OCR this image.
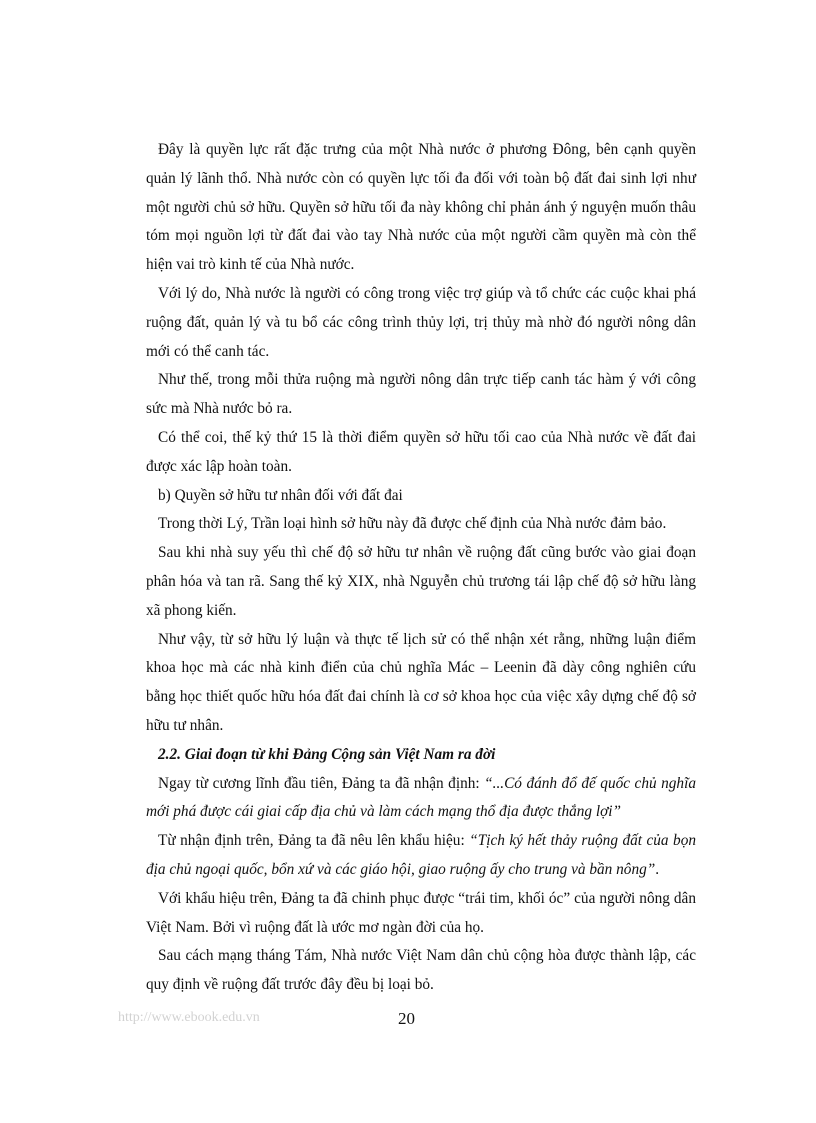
Đây là quyền lực rất đặc trưng của một Nhà nước ở phương Đông, bên cạnh quyền quản lý lãnh thổ. Nhà nước còn có quyền lực tối đa đối với toàn bộ đất đai sinh lợi như một người chủ sở hữu. Quyền sở hữu tối đa này không chỉ phản ánh ý nguyện muốn thâu tóm mọi nguồn lợi từ đất đai vào tay Nhà nước của một người cầm quyền mà còn thể hiện vai trò kinh tế của Nhà nước.

Với lý do, Nhà nước là người có công trong việc trợ giúp và tổ chức các cuộc khai phá ruộng đất, quản lý và tu bổ các công trình thủy lợi, trị thủy mà nhờ đó người nông dân mới có thể canh tác.

Như thế, trong mỗi thửa ruộng mà người nông dân trực tiếp canh tác hàm ý với công sức mà Nhà nước bỏ ra.

Có thể coi, thế kỷ thứ 15 là thời điểm quyền sở hữu tối cao của Nhà nước về đất đai được xác lập hoàn toàn.

b) Quyền sở hữu tư nhân đối với đất đai

Trong thời Lý, Trần loại hình sở hữu này đã được chế định của Nhà nước đảm bảo.

Sau khi nhà suy yếu thì chế độ sở hữu tư nhân về ruộng đất cũng bước vào giai đoạn phân hóa và tan rã. Sang thế kỷ XIX, nhà Nguyễn chủ trương tái lập chế độ sở hữu làng xã phong kiến.

Như vậy, từ sở hữu lý luận và thực tế lịch sử có thể nhận xét rằng, những luận điểm khoa học mà các nhà kinh điển của chủ nghĩa Mác – Leenin đã dày công nghiên cứu bằng học thiết quốc hữu hóa đất đai chính là cơ sở khoa học của việc xây dựng chế độ sở hữu tư nhân.

2.2. Giai đoạn từ khi Đảng Cộng sản Việt Nam ra đời

Ngay từ cương lĩnh đầu tiên, Đảng ta đã nhận định: “...Có đánh đổ đế quốc chủ nghĩa mới phá được cái giai cấp địa chủ và làm cách mạng thổ địa được thắng lợi”

Từ nhận định trên, Đảng ta đã nêu lên khẩu hiệu: “Tịch ký hết thảy ruộng đất của bọn địa chủ ngoại quốc, bổn xứ và các giáo hội, giao ruộng ấy cho trung và bần nông”.

Với khẩu hiệu trên, Đảng ta đã chinh phục được “trái tim, khối óc” của người nông dân Việt Nam. Bởi vì ruộng đất là ước mơ ngàn đời của họ.

Sau cách mạng tháng Tám, Nhà nước Việt Nam dân chủ cộng hòa được thành lập, các quy định về ruộng đất trước đây đều bị loại bỏ.

http://www.ebook.edu.vn	20
